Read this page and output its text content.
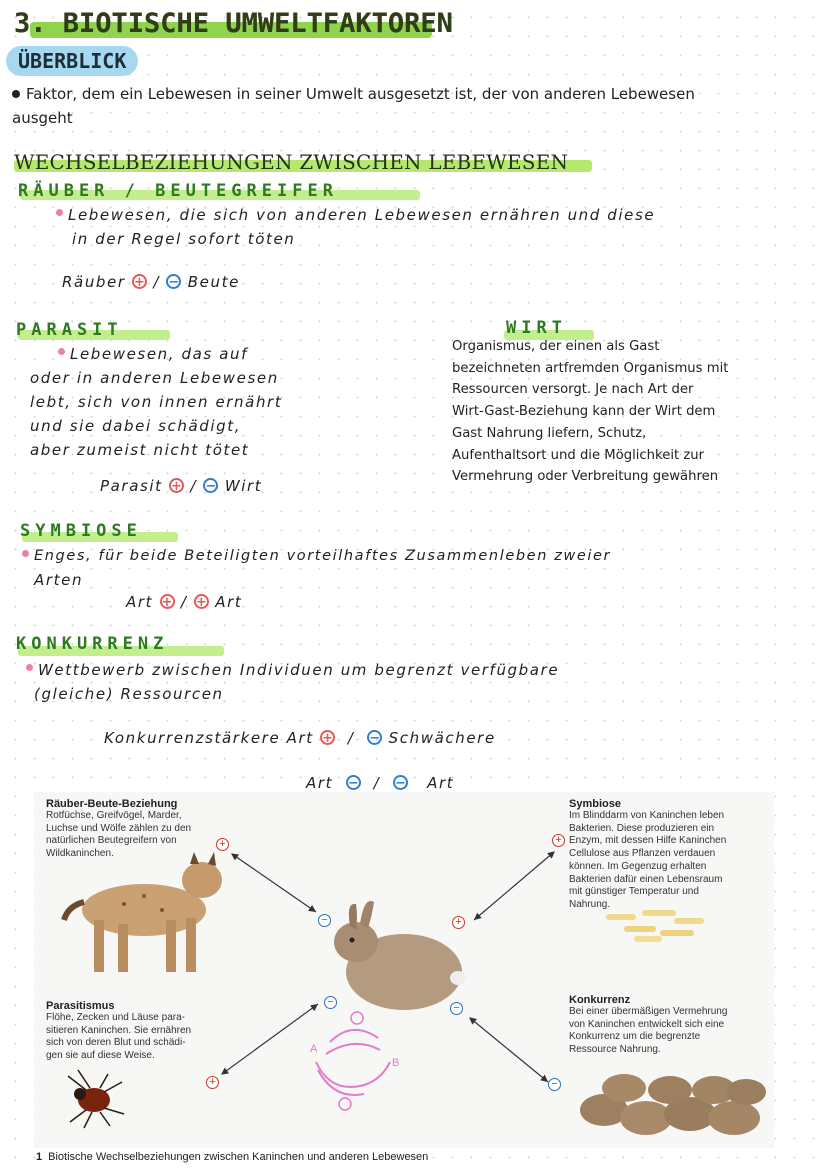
3. BIOTISCHE UMWELTFAKTOREN
ÜBERBLICK
Faktor, dem ein Lebewesen in seiner Umwelt ausgesetzt ist, der von anderen Lebewesen
ausgeht
WECHSELBEZIEHUNGEN ZWISCHEN LEBEWESEN
RÄUBER / BEUTEGREIFER
Lebewesen, die sich von anderen Lebewesen ernähren und diese
in der Regel sofort töten
Räuber + / − Beute
PARASIT
Lebewesen, das auf
oder in anderen Lebewesen
lebt, sich von innen ernährt
und sie dabei schädigt,
aber zumeist nicht tötet
Parasit + / − Wirt
WIRT
Organismus, der einen als Gast
bezeichneten artfremden Organismus mit
Ressourcen versorgt. Je nach Art der
Wirt-Gast-Beziehung kann der Wirt dem
Gast Nahrung liefern, Schutz,
Aufenthaltsort und die Möglichkeit zur
Vermehrung oder Verbreitung gewähren
SYMBIOSE
Enges, für beide Beteiligten vorteilhaftes Zusammenleben zweier
Arten
Art + / + Art
KONKURRENZ
Wettbewerb zwischen Individuen um begrenzt verfügbare
(gleiche) Ressourcen
Konkurrenzstärkere Art +  /  − Schwächere
Art −  /  − Art
Räuber-Beute-Beziehung
Rotfüchse, Greifvögel, Marder,
Luchse und Wölfe zählen zu den
natürlichen Beutegreifern von
Wildkaninchen.
Symbiose
Im Blinddarm von Kaninchen leben
Bakterien. Diese produzieren ein
Enzym, mit dessen Hilfe Kaninchen
Cellulose aus Pflanzen verdauen
können. Im Gegenzug erhalten
Bakterien dafür einen Lebensraum
mit günstiger Temperatur und
Nahrung.
Parasitismus
Flöhe, Zecken und Läuse para-
sitieren Kaninchen. Sie ernähren
sich von deren Blut und schädi-
gen sie auf diese Weise.
Konkurrenz
Bei einer übermäßigen Vermehrung
von Kaninchen entwickelt sich eine
Konkurrenz um die begrenzte
Ressource Nahrung.
A
B
+
−
+
+
−
+
−
−
1 Biotische Wechselbeziehungen zwischen Kaninchen und anderen Lebewesen
